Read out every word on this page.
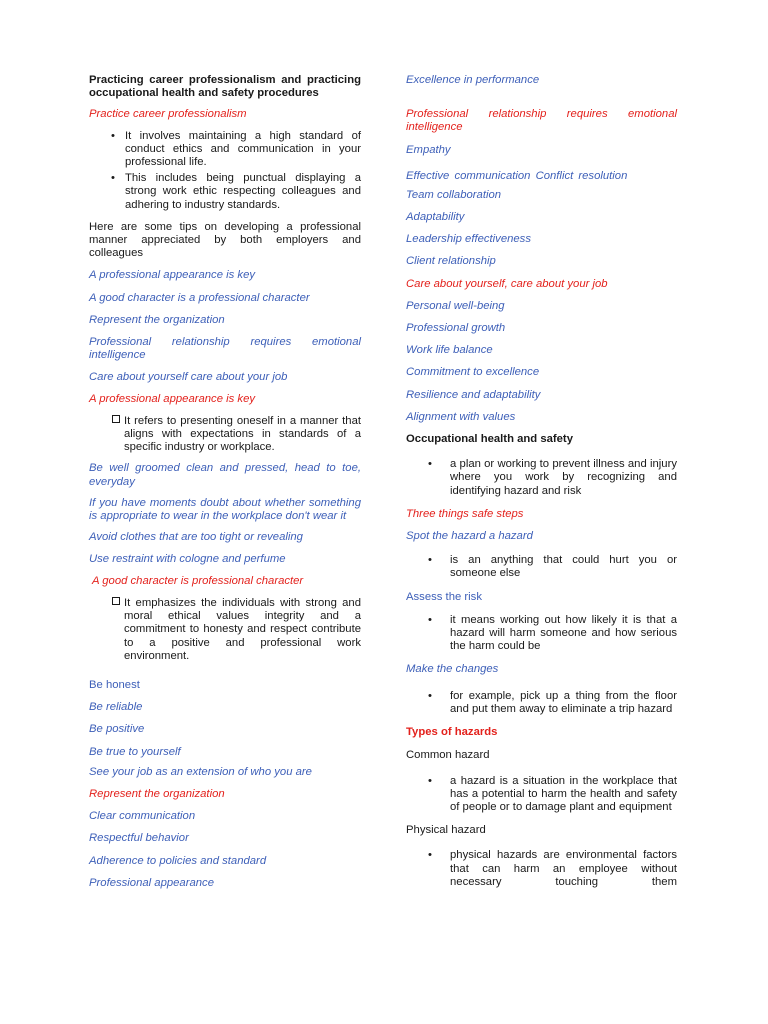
Practicing career professionalism and practicing occupational health and safety procedures

Practice career professionalism

• It involves maintaining a high standard of conduct ethics and communication in your professional life.
• This includes being punctual displaying a strong work ethic respecting colleagues and adhering to industry standards.

Here are some tips on developing a professional manner appreciated by both employers and colleagues

A professional appearance is key

A good character is a professional character

Represent the organization

Professional relationship requires emotional intelligence

Care about yourself care about your job

A professional appearance is key

It refers to presenting oneself in a manner that aligns with expectations in standards of a specific industry or workplace.

Be well groomed clean and pressed, head to toe, everyday

If you have moments doubt about whether something is appropriate to wear in the workplace don't wear it

Avoid clothes that are too tight or revealing

Use restraint with cologne and perfume

A good character is professional character

It emphasizes the individuals with strong and moral ethical values integrity and a commitment to honesty and respect contribute to a positive and professional work environment.

Be honest

Be reliable

Be positive

Be true to yourself

See your job as an extension of who you are

Represent the organization

Clear communication

Respectful behavior

Adherence to policies and standard

Professional appearance

Excellence in performance

Professional relationship requires emotional intelligence

Empathy

Effective communication Conflict resolution

Team collaboration

Adaptability

Leadership effectiveness

Client relationship

Care about yourself, care about your job

Personal well-being

Professional growth

Work life balance

Commitment to excellence

Resilience and adaptability

Alignment with values

Occupational health and safety

•	a plan or working to prevent illness and injury where you work by recognizing and identifying hazard and risk

Three things safe steps

Spot the hazard a hazard

•	is an anything that could hurt you or someone else

Assess the risk

•	it means working out how likely it is that a hazard will harm someone and how serious the harm could be

Make the changes

•	for example, pick up a thing from the floor and put them away to eliminate a trip hazard

Types of hazards

Common hazard

•	a hazard is a situation in the workplace that has a potential to harm the health and safety of people or to damage plant and equipment

Physical hazard

•	physical hazards are environmental factors that can harm an employee without necessary touching them
